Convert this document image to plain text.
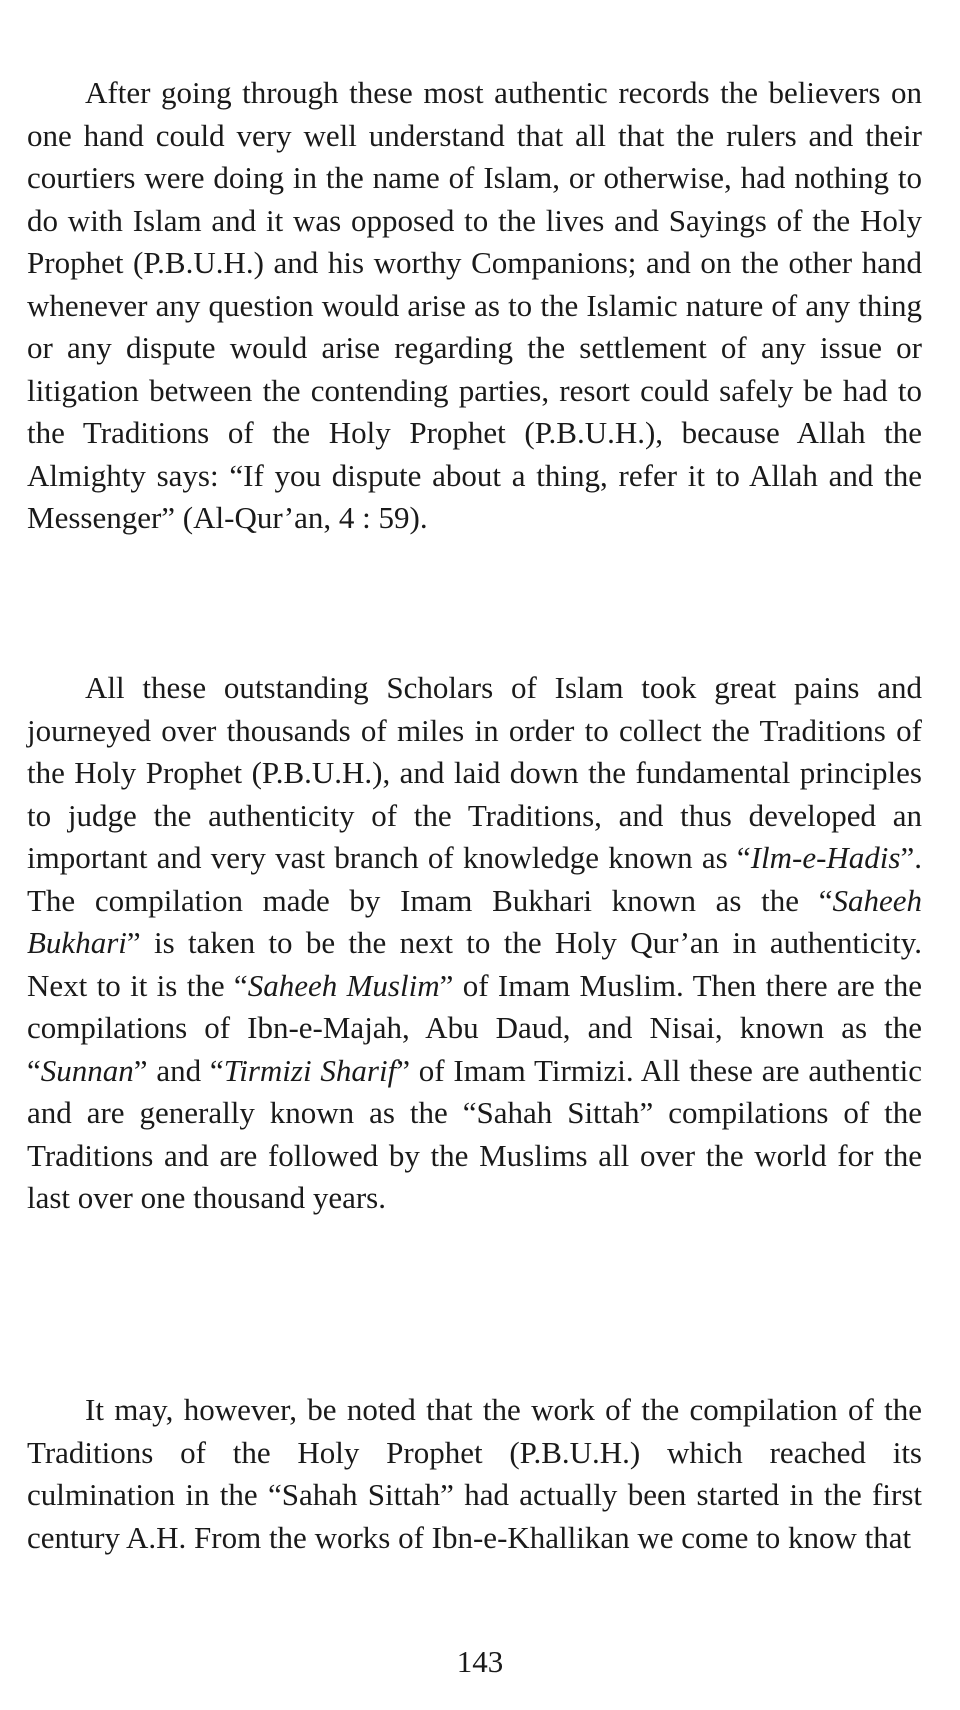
After going through these most authentic records the believers on one hand could very well understand that all that the rulers and their courtiers were doing in the name of Islam, or otherwise, had nothing to do with Islam and it was opposed to the lives and Sayings of the Holy Prophet (P.B.U.H.) and his worthy Companions; and on the other hand whenever any question would arise as to the Islamic nature of any thing or any dispute would arise regarding the settlement of any issue or litigation between the contending parties, resort could safely be had to the Traditions of the Holy Prophet (P.B.U.H.), because Allah the Almighty says: “If you dispute about a thing, refer it to Allah and the Messenger” (Al-Qur’an, 4 : 59).

All these outstanding Scholars of Islam took great pains and journeyed over thousands of miles in order to collect the Traditions of the Holy Prophet (P.B.U.H.), and laid down the fundamental principles to judge the authenticity of the Traditions, and thus developed an important and very vast branch of knowledge known as “Ilm-e-Hadis”. The compilation made by Imam Bukhari known as the “Saheeh Bukhari” is taken to be the next to the Holy Qur’an in authenticity. Next to it is the “Saheeh Muslim” of Imam Muslim. Then there are the compilations of Ibn-e-Majah, Abu Daud, and Nisai, known as the “Sunnan” and “Tirmizi Sharif” of Imam Tirmizi. All these are authentic and are generally known as the “Sahah Sittah” compilations of the Traditions and are followed by the Muslims all over the world for the last over one thousand years.

It may, however, be noted that the work of the compilation of the Traditions of the Holy Prophet (P.B.U.H.) which reached its culmination in the “Sahah Sittah” had actually been started in the first century A.H. From the works of Ibn-e-Khallikan we come to know that

143
